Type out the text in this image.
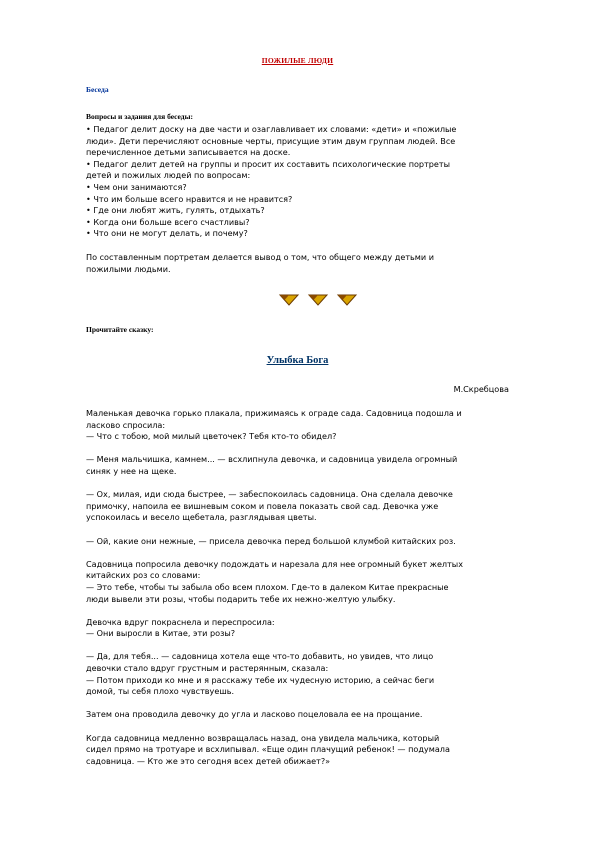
ПОЖИЛЫЕ ЛЮДИ
Беседа
Вопросы и задания для беседы:
• Педагог делит доску на две части и озаглавливает их словами: «дети» и «пожилые
люди». Дети перечисляют основные черты, присущие этим двум группам людей. Все
перечисленное детьми записывается на доске.
• Педагог делит детей на группы и просит их составить психологические портреты
детей и пожилых людей по вопросам:
• Чем они занимаются?
• Что им больше всего нравится и не нравится?
• Где они любят жить, гулять, отдыхать?
• Когда они больше всего счастливы?
• Что они не могут делать, и почему?
По составленным портретам делается вывод о том, что общего между детьми и
пожилыми людьми.
Прочитайте сказку:
Улыбка Бога
М.Скребцова
Маленькая девочка горько плакала, прижимаясь к ограде сада. Садовница подошла и
ласково спросила:
— Что с тобою, мой милый цветочек? Тебя кто-то обидел?
— Меня мальчишка, камнем... — всхлипнула девочка, и садовница увидела огромный
синяк у нее на щеке.
— Ох, милая, иди сюда быстрее, — забеспокоилась садовница. Она сделала девочке
примочку, напоила ее вишневым соком и повела показать свой сад. Девочка уже
успокоилась и весело щебетала, разглядывая цветы.
— Ой, какие они нежные, — присела девочка перед большой клумбой китайских роз.
Садовница попросила девочку подождать и нарезала для нее огромный букет желтых
китайских роз со словами:
— Это тебе, чтобы ты забыла обо всем плохом. Где-то в далеком Китае прекрасные
люди вывели эти розы, чтобы подарить тебе их нежно-желтую улыбку.
Девочка вдруг покраснела и переспросила:
— Они выросли в Китае, эти розы?
— Да, для тебя... — садовница хотела еще что-то добавить, но увидев, что лицо
девочки стало вдруг грустным и растерянным, сказала:
— Потом приходи ко мне и я расскажу тебе их чудесную историю, а сейчас беги
домой, ты себя плохо чувствуешь.
Затем она проводила девочку до угла и ласково поцеловала ее на прощание.
Когда садовница медленно возвращалась назад, она увидела мальчика, который
сидел прямо на тротуаре и всхлипывал. «Еще один плачущий ребенок! — подумала
садовница. — Кто же это сегодня всех детей обижает?»
